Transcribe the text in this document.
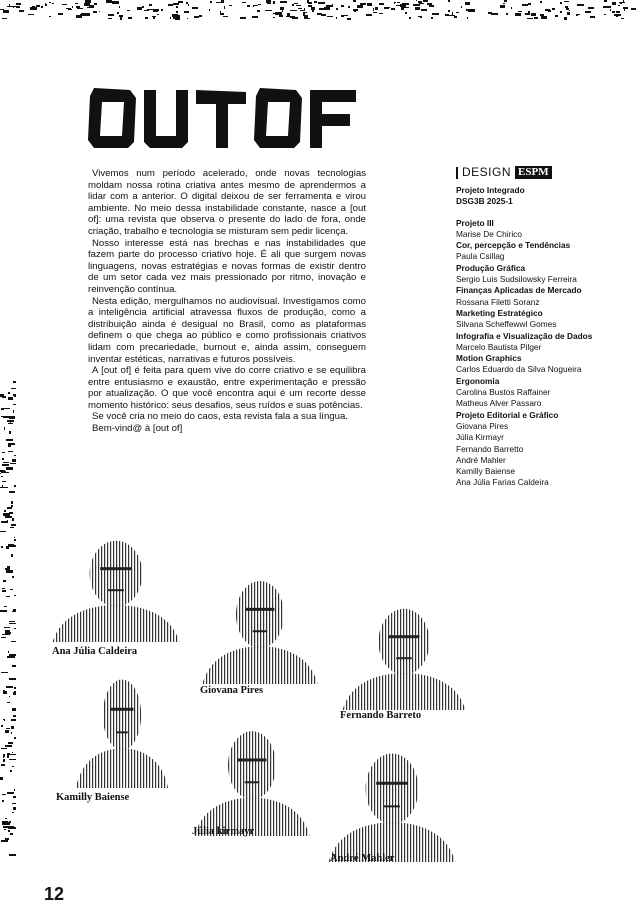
Vivemos num período acelerado, onde novas tecnologias moldam nossa rotina criativa antes mesmo de aprendermos a lidar com a anterior. O digital deixou de ser ferramenta e virou ambiente. No meio dessa instabilidade constante, nasce a [out of]: uma revista que observa o presente do lado de fora, onde criação, trabalho e tecnologia se misturam sem pedir licença.

Nosso interesse está nas brechas e nas instabilidades que fazem parte do processo criativo hoje. É ali que surgem novas linguagens, novas estratégias e novas formas de existir dentro de um setor cada vez mais pressionado por ritmo, inovação e reinvenção contínua.

Nesta edição, mergulhamos no audiovisual. Investigamos como a inteligência artificial atravessa fluxos de produção, como a distribuição ainda é desigual no Brasil, como as plataformas definem o que chega ao público e como profissionais criativos lidam com precariedade, burnout e, ainda assim, conseguem inventar estéticas, narrativas e futuros possíveis.

A [out of] é feita para quem vive do corre criativo e se equilibra entre entusiasmo e exaustão, entre experimentação e pressão por atualização. O que você encontra aqui é um recorte desse momento histórico: seus desafios, seus ruídos e suas potências.

Se você cria no meio do caos, esta revista fala a sua língua.

Bem-vind@ à [out of]

DESIGN ESPM
Projeto Integrado
DSG3B 2025-1
Projeto III
Marise De Chirico
Cor, percepção e Tendências
Paula Csillag
Produção Gráfica
Sergio Luis Sudsilowsky Ferreira
Finanças Aplicadas de Mercado
Rossana Filetti Soranz
Marketing Estratégico
Silvana Scheffewwl Gomes
Infografia e Visualização de Dados
Marcelo Bautista Pilger
Motion Graphics
Carlos Eduardo da Silva Nogueira
Ergonomia
Carolina Bustos Raffainer
Matheus Alver Passaro
Projeto Editorial e Gráfico
Giovana Pires
Júlia Kirmayr
Fernando Barretto
André Mahler
Kamilly Baiense
Ana Júlia Farias Caldeira
Ana Júlia Caldeira
Giovana Pires
Fernando Barreto
Kamilly Baiense
Júlia kirmayr
André Mahler
12
